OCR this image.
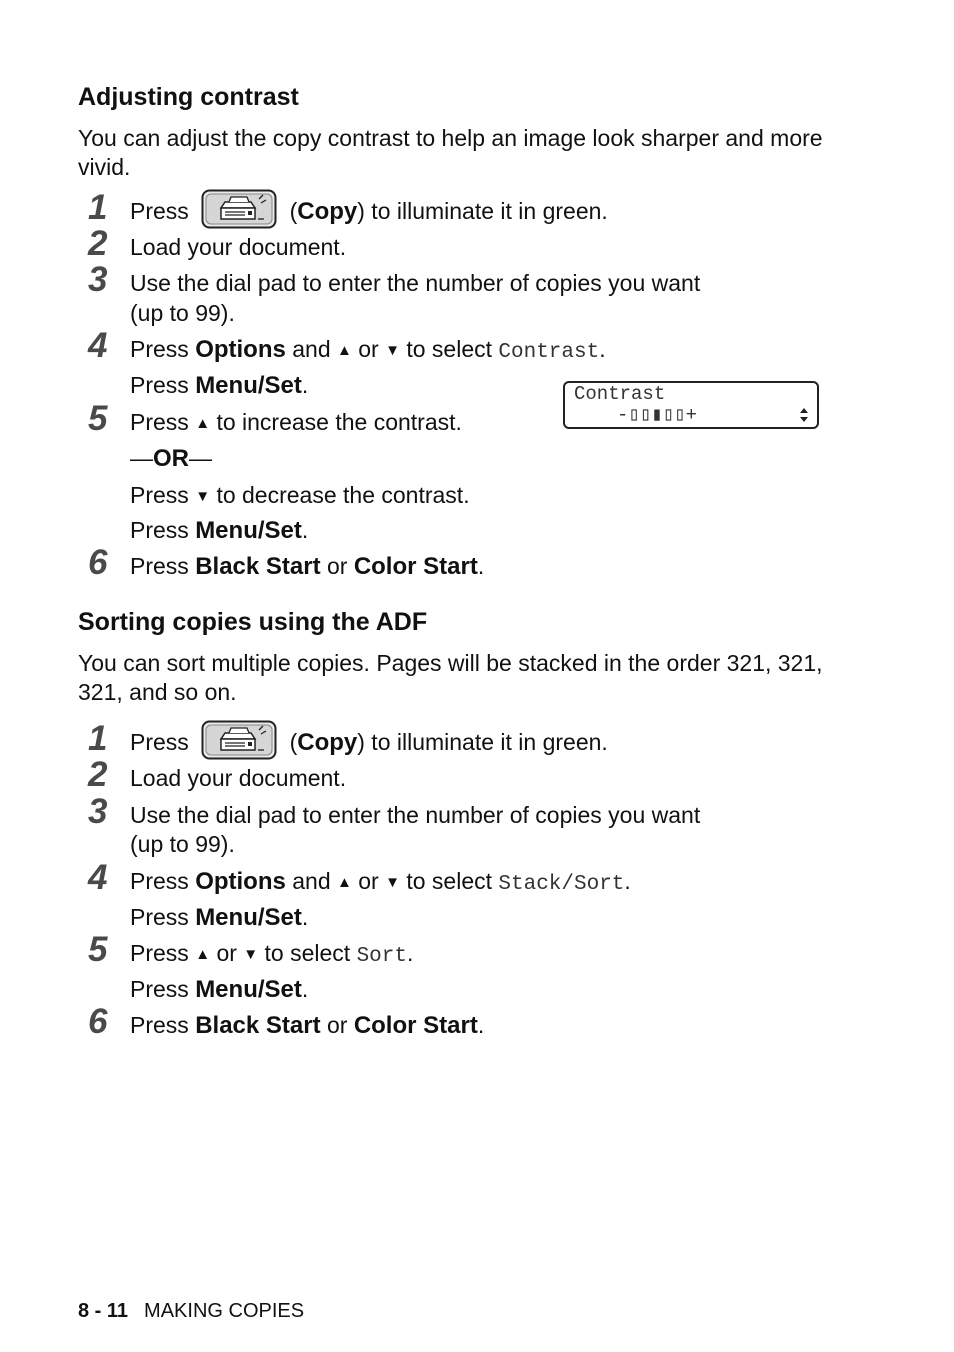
Adjusting contrast

You can adjust the copy contrast to help an image look sharper and more vivid.

1 Press	(Copy) to illuminate it in green.
2 Load your document.
3 Use the dial pad to enter the number of copies you want
(up to 99).
4 Press Options and ▲ or ▼ to select Contrast.
Press Menu/Set.
5 Press ▲ to increase the contrast.
—OR—
Press ▼ to decrease the contrast.
Press Menu/Set.
6 Press Black Start or Color Start.
Contrast
-▯▯▮▯▯+
Sorting copies using the ADF

You can sort multiple copies. Pages will be stacked in the order 321, 321, 321, and so on.

1 Press	(Copy) to illuminate it in green.
2 Load your document.
3 Use the dial pad to enter the number of copies you want
(up to 99).
4 Press Options and ▲ or ▼ to select Stack/Sort.
Press Menu/Set.
5 Press ▲ or ▼ to select Sort.
Press Menu/Set.
6 Press Black Start or Color Start.
8 - 11 MAKING COPIES
